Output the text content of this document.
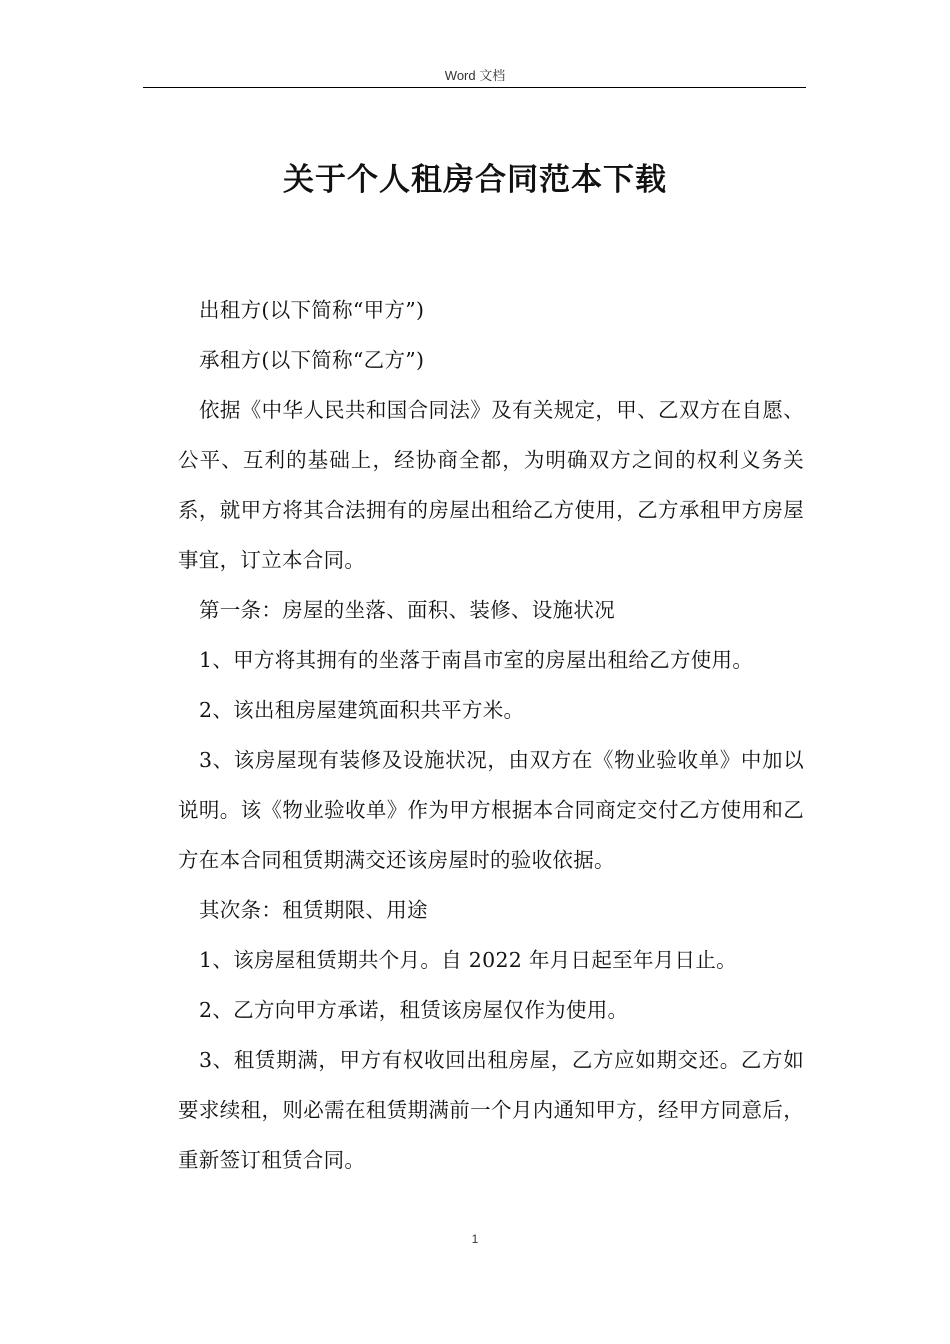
Word 文档
关于个人租房合同范本下载

出租方(以下简称“甲方”)

承租方(以下简称“乙方”)

依据《中华人民共和国合同法》及有关规定，甲、乙双方在自愿、公平、互利的基础上，经协商全都，为明确双方之间的权利义务关系，就甲方将其合法拥有的房屋出租给乙方使用，乙方承租甲方房屋事宜，订立本合同。

第一条：房屋的坐落、面积、装修、设施状况

1、甲方将其拥有的坐落于南昌市室的房屋出租给乙方使用。

2、该出租房屋建筑面积共平方米。

3、该房屋现有装修及设施状况，由双方在《物业验收单》中加以说明。该《物业验收单》作为甲方根据本合同商定交付乙方使用和乙方在本合同租赁期满交还该房屋时的验收依据。

其次条：租赁期限、用途

1、该房屋租赁期共个月。自 2022 年月日起至年月日止。

2、乙方向甲方承诺，租赁该房屋仅作为使用。

3、租赁期满，甲方有权收回出租房屋，乙方应如期交还。乙方如要求续租，则必需在租赁期满前一个月内通知甲方，经甲方同意后，重新签订租赁合同。

1
